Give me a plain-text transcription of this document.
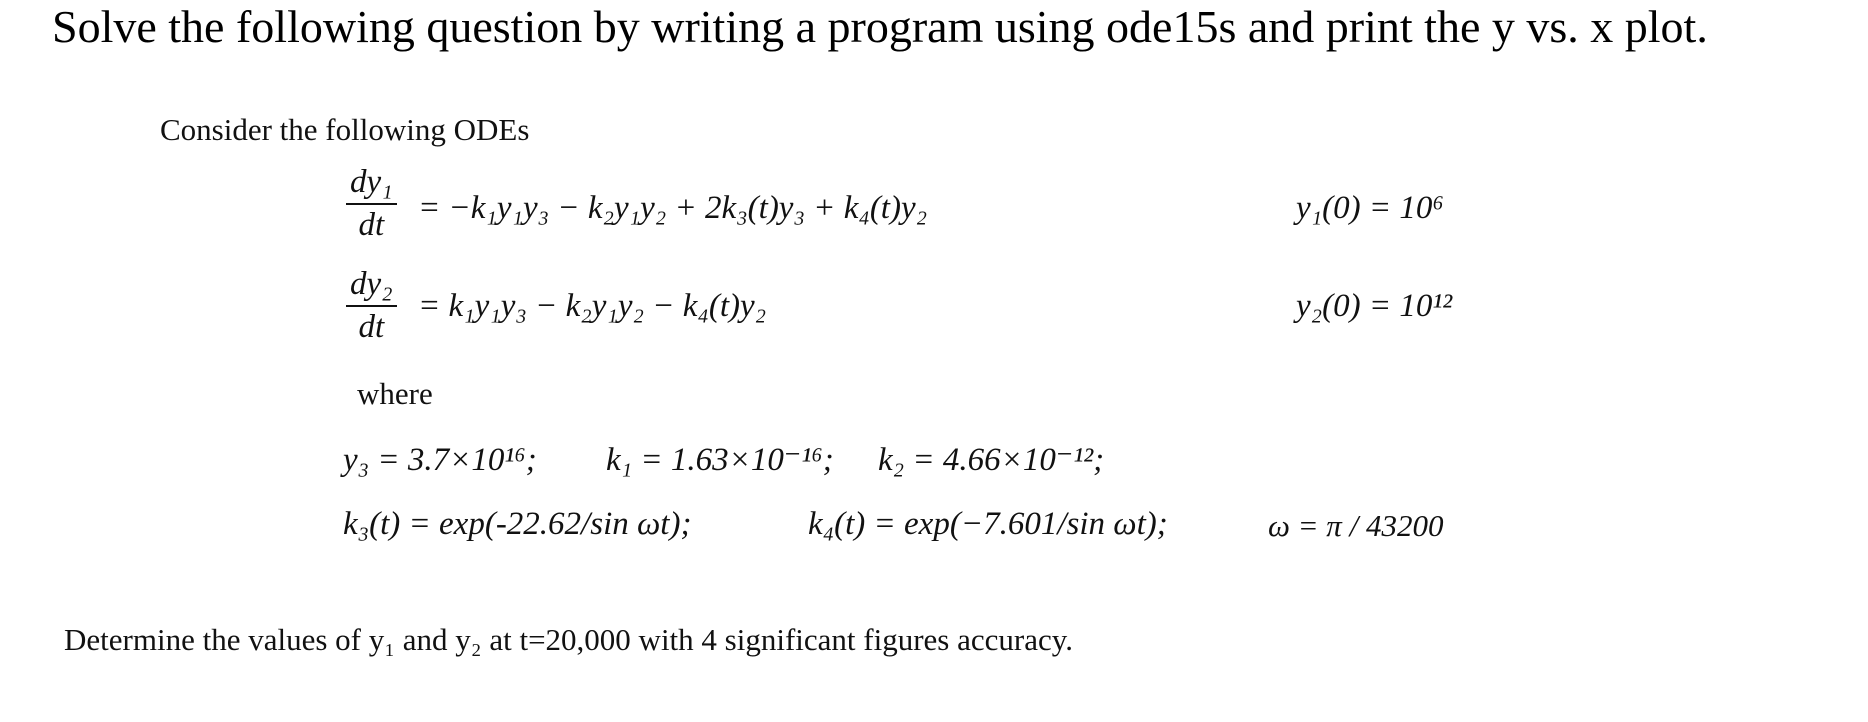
Solve the following question by writing a program using ode15s and print the y vs. x plot.
Consider the following ODEs
dy₁
dt	= −k₁y₁y₃ − k₂y₁y₂ + 2k₃(t)y₃ + k₄(t)y₂	y₁(0) = 10⁶
dy₂
dt
= k₁y₁y₃ − k₂y₁y₂ − k₄(t)y₂	y₂(0) = 10¹²
where
y₃ = 3.7×10¹⁶; k₁ = 1.63×10⁻¹⁶; k₂ = 4.66×10⁻¹²;
k₃(t) = exp(-22.62/sin ωt);	k₄(t) = exp(−7.601/sin ωt);	ω = π / 43200
Determine the values of y₁ and y₂ at t=20,000 with 4 significant figures accuracy.
